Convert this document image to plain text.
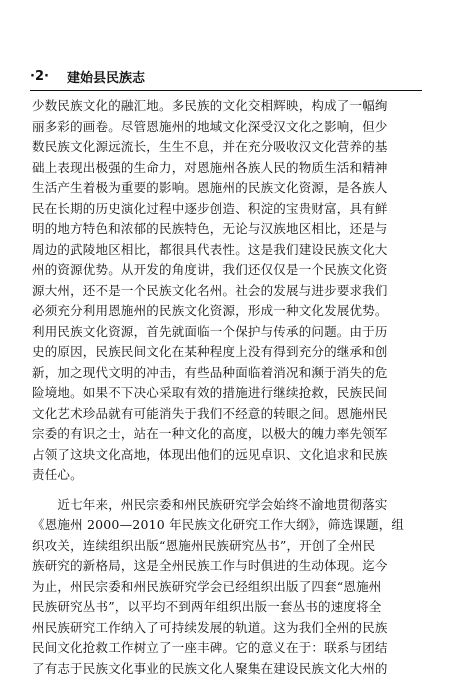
·2· 建始县民族志
少数民族文化的融汇地。多民族的文化交相辉映，构成了一幅绚
丽多彩的画卷。尽管恩施州的地域文化深受汉文化之影响，但少
数民族文化源远流长，生生不息，并在充分吸收汉文化营养的基
础上表现出极强的生命力，对恩施州各族人民的物质生活和精神
生活产生着极为重要的影响。恩施州的民族文化资源，是各族人
民在长期的历史演化过程中逐步创造、积淀的宝贵财富，具有鲜
明的地方特色和浓郁的民族特色，无论与汉族地区相比，还是与
周边的武陵地区相比，都很具代表性。这是我们建设民族文化大
州的资源优势。从开发的角度讲，我们还仅仅是一个民族文化资
源大州，还不是一个民族文化名州。社会的发展与进步要求我们
必须充分利用恩施州的民族文化资源，形成一种文化发展优势。
利用民族文化资源，首先就面临一个保护与传承的问题。由于历
史的原因，民族民间文化在某种程度上没有得到充分的继承和创
新，加之现代文明的冲击，有些品种面临着消况和濒于消失的危
险境地。如果不下决心采取有效的措施进行继续抢救，民族民间
文化艺术珍品就有可能消失于我们不经意的转眼之间。恩施州民
宗委的有识之士，站在一种文化的高度，以极大的魄力率先领军
占领了这块文化高地，体现出他们的远见卓识、文化追求和民族
责任心。
　　近七年来，州民宗委和州民族研究学会始终不渝地贯彻落实
《恩施州 2000—2010 年民族文化研究工作大纲》，筛选课题，组
织攻关，连续组织出版“恩施州民族研究丛书”，开创了全州民
族研究的新格局，这是全州民族工作与时俱进的生动体现。迄今
为止，州民宗委和州民族研究学会已经组织出版了四套“恩施州
民族研究丛书”，以平均不到两年组织出版一套丛书的速度将全
州民族研究工作纳入了可持续发展的轨道。这为我们全州的民族
民间文化抢救工作树立了一座丰碑。它的意义在于：联系与团结
了有志于民族文化事业的民族文化人聚集在建设民族文化大州的
